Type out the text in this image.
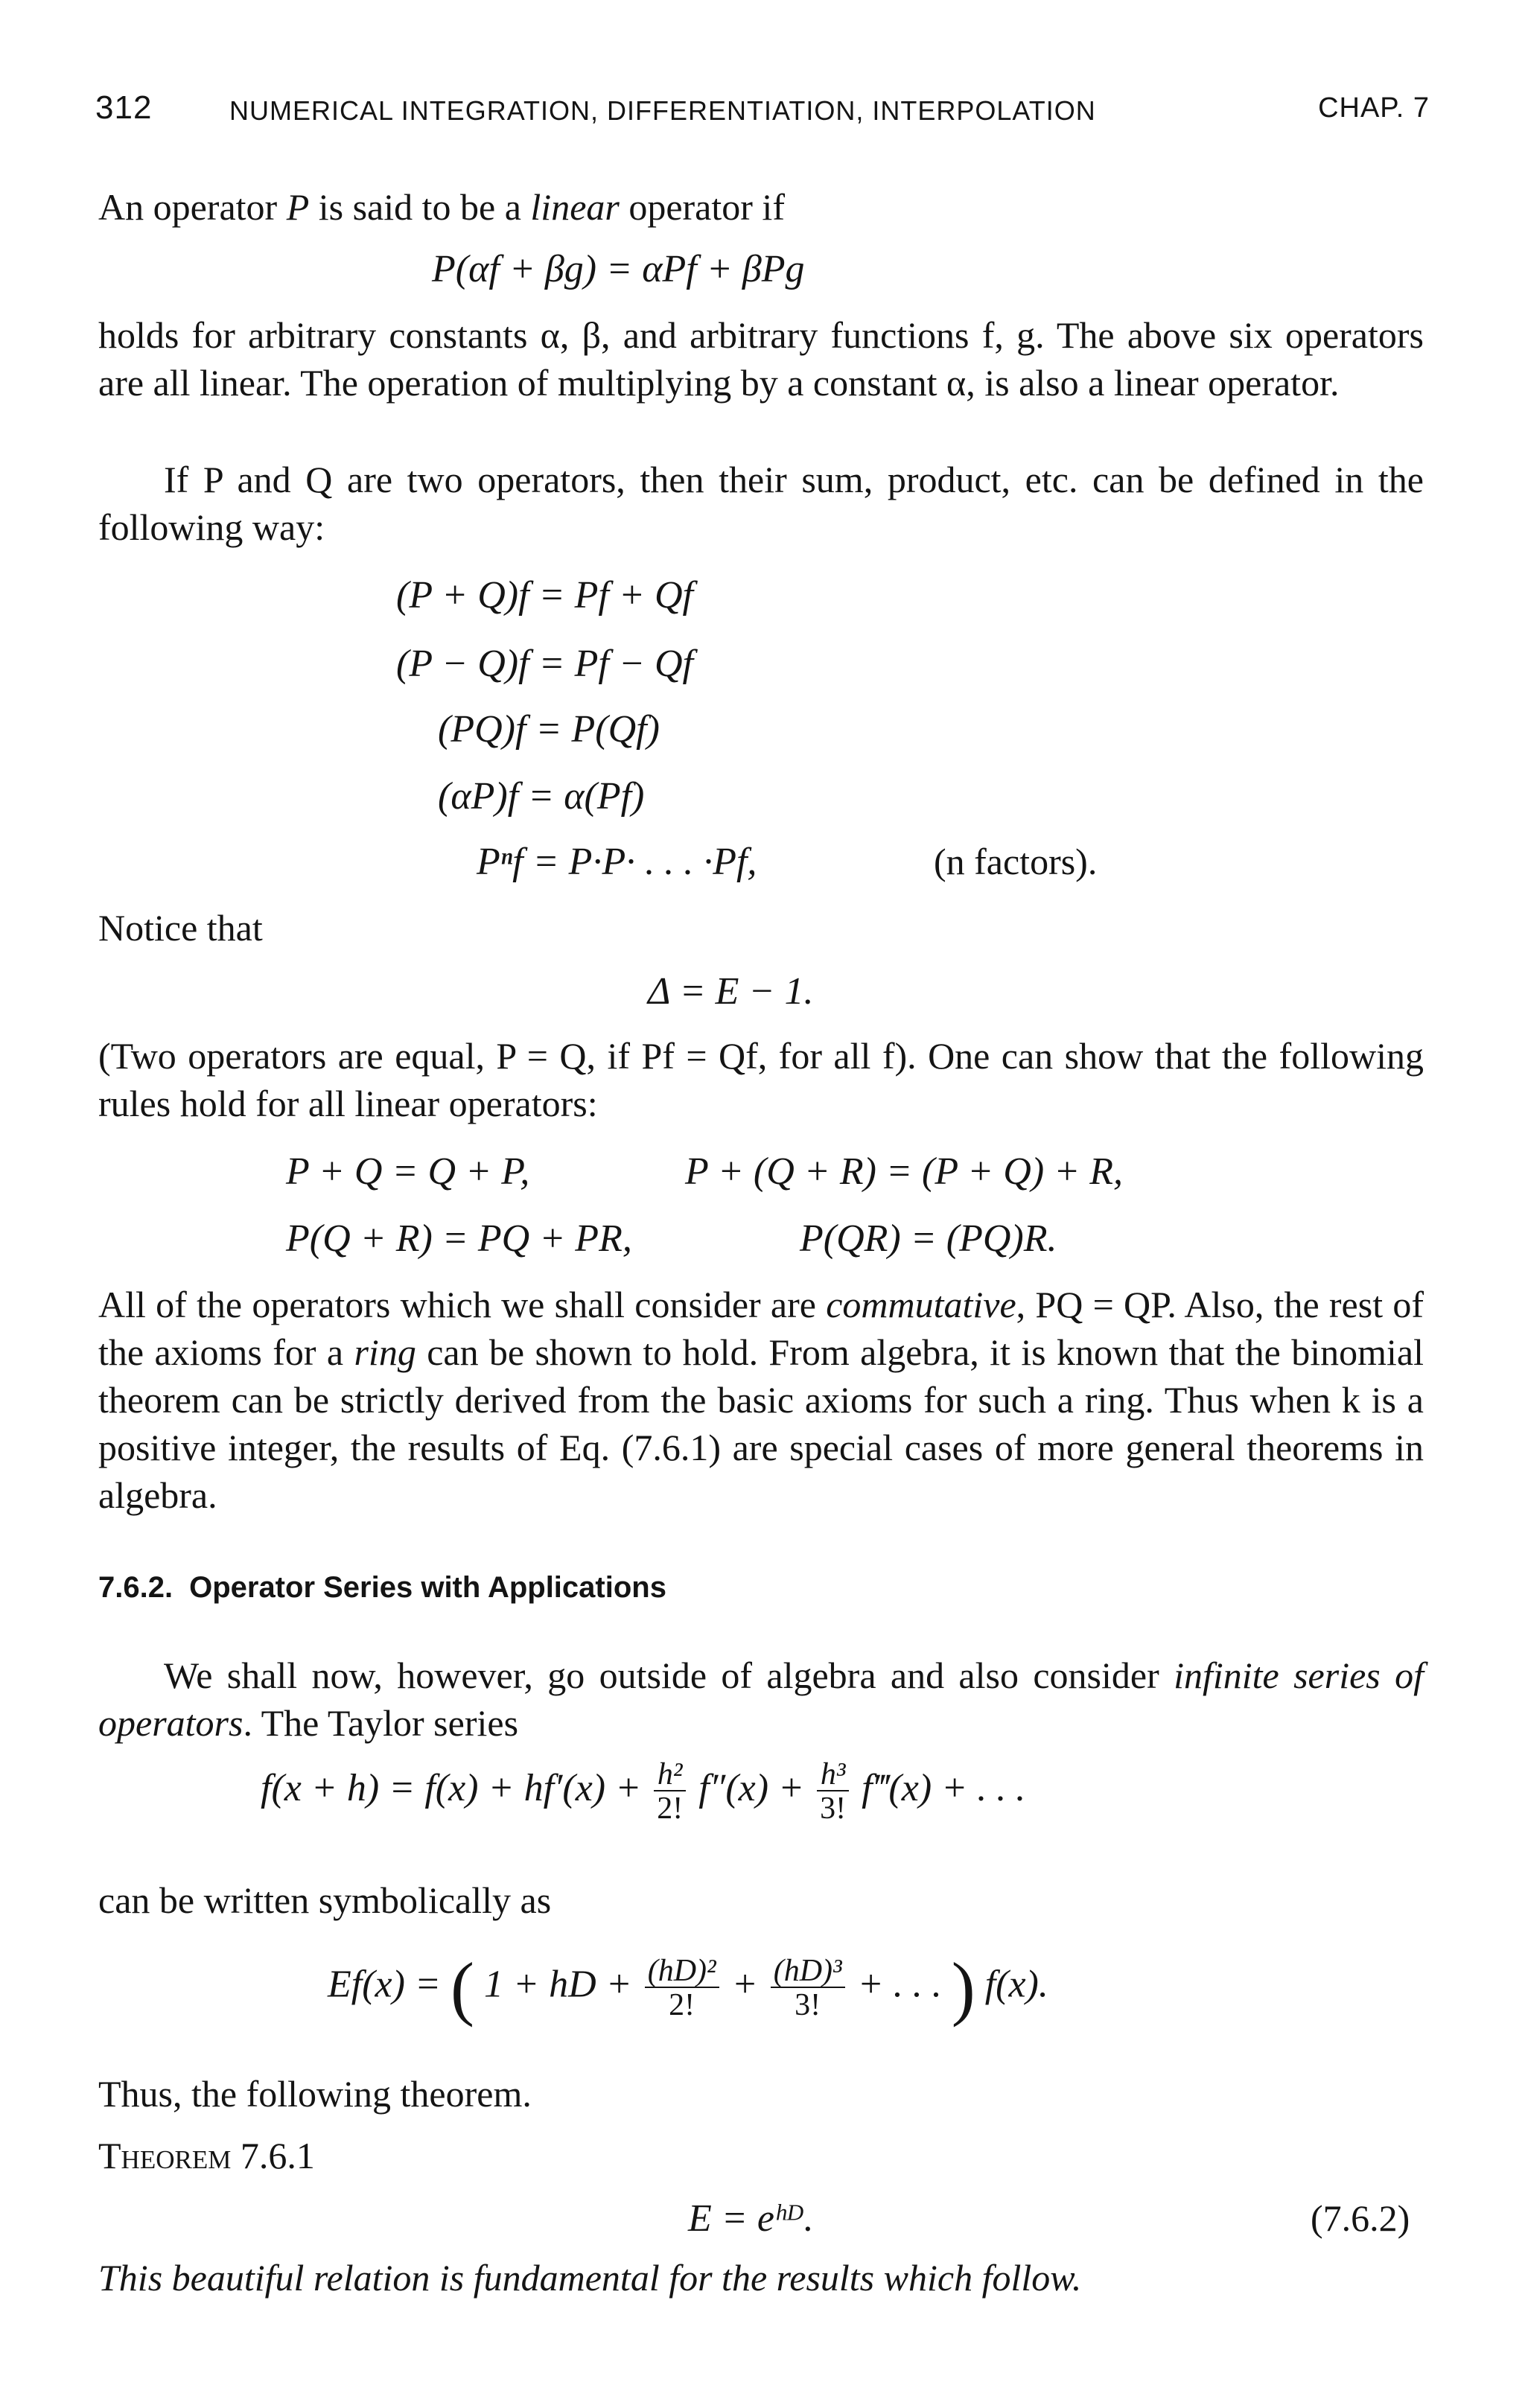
312	NUMERICAL INTEGRATION, DIFFERENTIATION, INTERPOLATION	CHAP. 7
An operator P is said to be a linear operator if
P(αf + βg) = αPf + βPg
holds for arbitrary constants α, β, and arbitrary functions f, g. The above six operators are all linear. The operation of multiplying by a constant α, is also a linear operator.
If P and Q are two operators, then their sum, product, etc. can be defined in the following way:
(P + Q)f = Pf + Qf
(P − Q)f = Pf − Qf
(PQ)f = P(Qf)
(αP)f = α(Pf)
Pⁿf = P·P· . . . ·Pf,	(n factors).
Notice that
Δ = E − 1.
(Two operators are equal, P = Q, if Pf = Qf, for all f). One can show that the following rules hold for all linear operators:
P + Q = Q + P,	P + (Q + R) = (P + Q) + R,
P(Q + R) = PQ + PR,	P(QR) = (PQ)R.
All of the operators which we shall consider are commutative, PQ = QP. Also, the rest of the axioms for a ring can be shown to hold. From algebra, it is known that the binomial theorem can be strictly derived from the basic axioms for such a ring. Thus when k is a positive integer, the results of Eq. (7.6.1) are special cases of more general theorems in algebra.
7.6.2. Operator Series with Applications
We shall now, however, go outside of algebra and also consider infinite series of operators. The Taylor series
$f(x + h) = f(x) + hf'(x) + \frac{\text{h²}}{2!} f''(x) + \frac{\text{h³}}{3!}$ f‴(x) + . . .
can be written symbolically as
Ef(x) = ( 1 + hD + $\frac{\text{(hD)²}}{2!} + \frac{\text{(hD)³}}{3!}$ + . . . ) f(x).
Thus, the following theorem.
Theorem 7.6.1
E = eʰᴰ.	(7.6.2)
This beautiful relation is fundamental for the results which follow.
